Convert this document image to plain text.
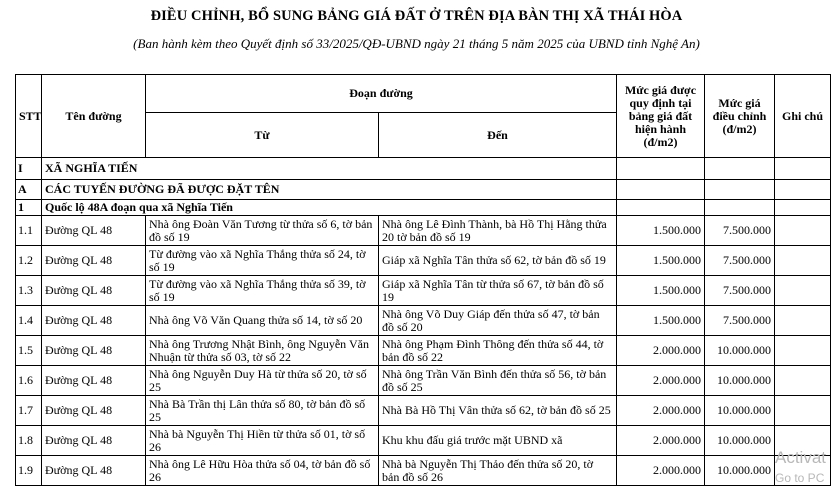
ĐIỀU CHỈNH, BỔ SUNG BẢNG GIÁ ĐẤT Ở TRÊN ĐỊA BÀN THỊ XÃ THÁI HÒA
(Ban hành kèm theo Quyết định số 33/2025/QĐ-UBND ngày 21 tháng 5 năm 2025 của UBND tỉnh Nghệ An)
STT	Tên đường	Đoạn đường		Mức giá được quy định tại bảng giá đất hiện hành (đ/m2)	Mức giá điều chỉnh (đ/m2)	Ghi chú
		Từ	Đến			
I	XÃ NGHĨA TIẾN					
A	CÁC TUYẾN ĐƯỜNG ĐÃ ĐƯỢC ĐẶT TÊN					
1	Quốc lộ 48A đoạn qua xã Nghĩa Tiến					
1.1	Đường QL 48	Nhà ông Đoàn Văn Tương từ thửa số 6, tờ bản đồ số 19	Nhà ông Lê Đình Thành, bà Hồ Thị Hằng thửa 20 tờ bản đồ số 19	1.500.000	7.500.000	
1.2	Đường QL 48	Từ đường vào xã Nghĩa Thắng thửa số 24, tờ số 19	Giáp xã Nghĩa Tân thửa số 62, tờ bản đồ số 19	1.500.000	7.500.000	
1.3	Đường QL 48	Từ đường vào xã Nghĩa Thắng thửa số 39, tờ số 19	Giáp xã Nghĩa Tân từ thửa số 67, tờ bản đồ số 19	1.500.000	7.500.000	
1.4	Đường QL 48	Nhà ông Võ Văn Quang thửa số 14, tờ số 20	Nhà ông Võ Duy Giáp đến thửa số 47, tờ bản đồ số 20	1.500.000	7.500.000	
1.5	Đường QL 48	Nhà ông Trương Nhật Bình, ông Nguyễn Văn Nhuận từ thửa số 03, tờ số 22	Nhà ông Phạm Đình Thông đến thửa số 44, tờ bản đồ số 22	2.000.000	10.000.000	
1.6	Đường QL 48	Nhà ông Nguyễn Duy Hà từ thửa số 20, tờ số 25	Nhà ông Trần Văn Bình đến thửa số 56, tờ bản đồ số 25	2.000.000	10.000.000	
1.7	Đường QL 48	Nhà Bà Trần thị Lân thửa số 80, tờ bản đồ số 25	Nhà Bà Hồ Thị Vân thửa số 62, tờ bản đồ số 25	2.000.000	10.000.000	
1.8	Đường QL 48	Nhà bà Nguyễn Thị Hiền từ thửa số 01, tờ số 26	Khu khu đấu giá trước mặt UBND xã	2.000.000	10.000.000	
1.9	Đường QL 48	Nhà ông Lê Hữu Hòa thửa số 04, tờ bản đồ số 26	Nhà bà Nguyễn Thị Thảo đến thửa số 20, tờ bản đồ số 26	2.000.000	10.000.000	
Activat
Go to PC
